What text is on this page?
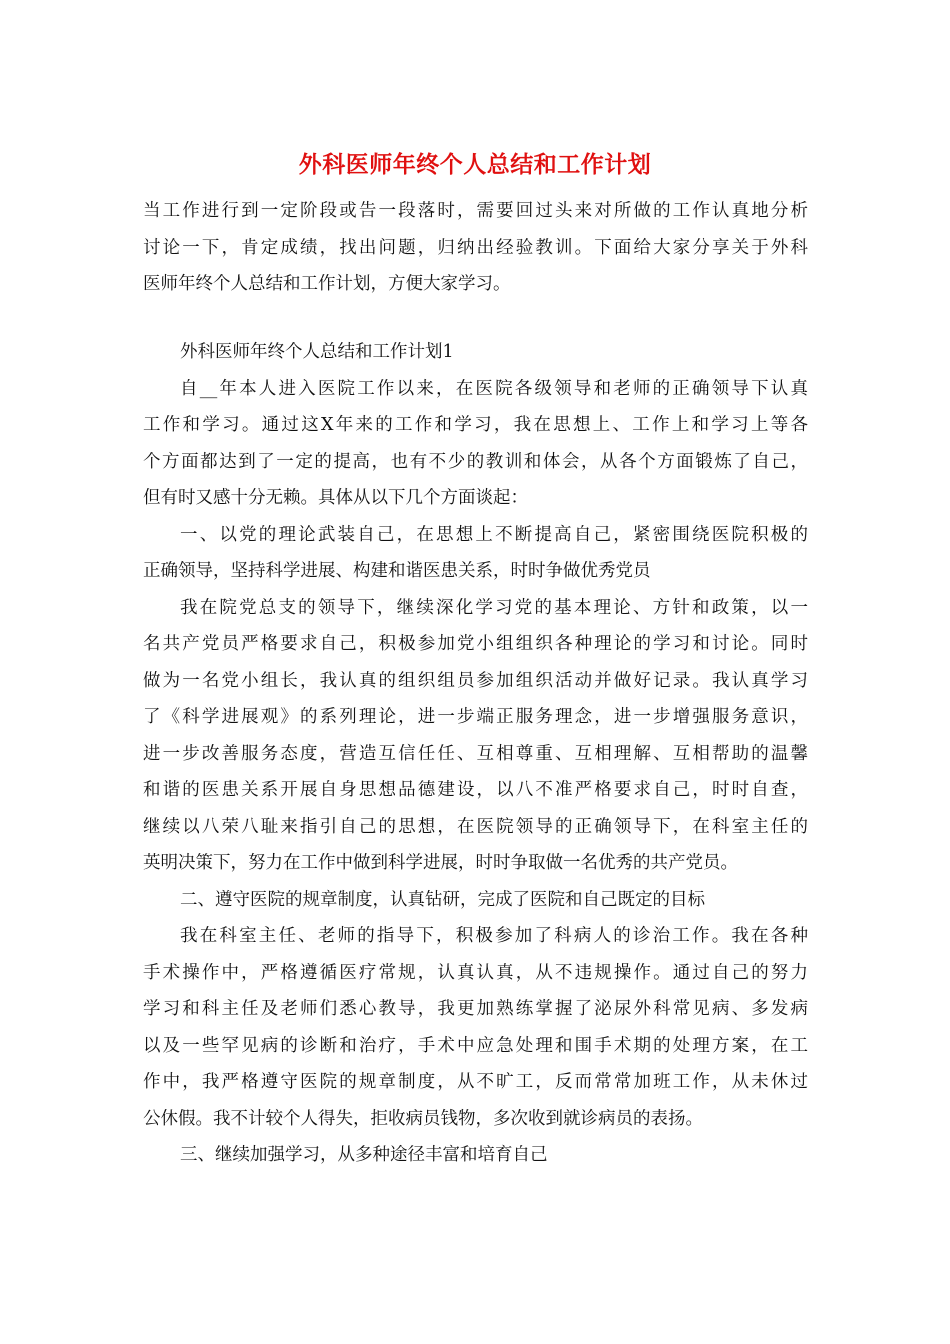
外科医师年终个人总结和工作计划
当工作进行到一定阶段或告一段落时，需要回过头来对所做的工作认真地分析
讨论一下，肯定成绩，找出问题，归纳出经验教训。下面给大家分享关于外科
医师年终个人总结和工作计划，方便大家学习。
外科医师年终个人总结和工作计划1
自__年本人进入医院工作以来，在医院各级领导和老师的正确领导下认真
工作和学习。通过这X年来的工作和学习，我在思想上、工作上和学习上等各
个方面都达到了一定的提高，也有不少的教训和体会，从各个方面锻炼了自己，
但有时又感十分无赖。具体从以下几个方面谈起：
一、以党的理论武装自己，在思想上不断提高自己，紧密围绕医院积极的
正确领导，坚持科学进展、构建和谐医患关系，时时争做优秀党员
我在院党总支的领导下，继续深化学习党的基本理论、方针和政策，以一
名共产党员严格要求自己，积极参加党小组组织各种理论的学习和讨论。同时
做为一名党小组长，我认真的组织组员参加组织活动并做好记录。我认真学习
了《科学进展观》的系列理论，进一步端正服务理念，进一步增强服务意识，
进一步改善服务态度，营造互信任任、互相尊重、互相理解、互相帮助的温馨
和谐的医患关系开展自身思想品德建设，以八不准严格要求自己，时时自查，
继续以八荣八耻来指引自己的思想，在医院领导的正确领导下，在科室主任的
英明决策下，努力在工作中做到科学进展，时时争取做一名优秀的共产党员。
二、遵守医院的规章制度，认真钻研，完成了医院和自己既定的目标
我在科室主任、老师的指导下，积极参加了科病人的诊治工作。我在各种
手术操作中，严格遵循医疗常规，认真认真，从不违规操作。通过自己的努力
学习和科主任及老师们悉心教导，我更加熟练掌握了泌尿外科常见病、多发病
以及一些罕见病的诊断和治疗，手术中应急处理和围手术期的处理方案，在工
作中，我严格遵守医院的规章制度，从不旷工，反而常常加班工作，从未休过
公休假。我不计较个人得失，拒收病员钱物，多次收到就诊病员的表扬。
三、继续加强学习，从多种途径丰富和培育自己
